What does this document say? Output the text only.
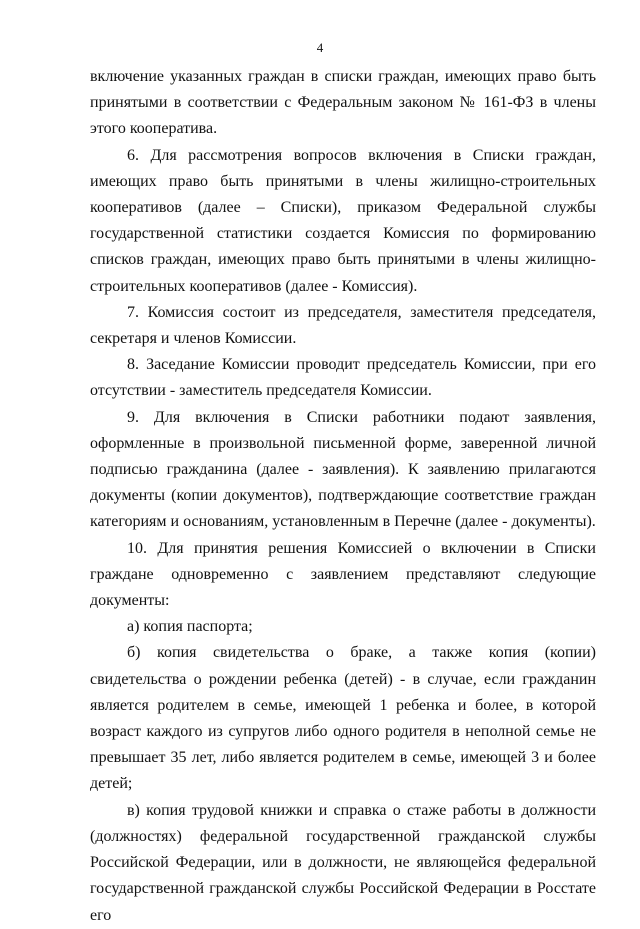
4

включение указанных граждан в списки граждан, имеющих право быть принятыми в соответствии с Федеральным законом № 161-ФЗ в члены этого кооператива.

6. Для рассмотрения вопросов включения в Списки граждан, имеющих право быть принятыми в члены жилищно-строительных кооперативов (далее – Списки), приказом Федеральной службы государственной статистики создается Комиссия по формированию списков граждан, имеющих право быть принятыми в члены жилищно-строительных кооперативов (далее - Комиссия).

7. Комиссия состоит из председателя, заместителя председателя, секретаря и членов Комиссии.

8. Заседание Комиссии проводит председатель Комиссии, при его отсутствии - заместитель председателя Комиссии.

9. Для включения в Списки работники подают заявления, оформленные в произвольной письменной форме, заверенной личной подписью гражданина (далее - заявления). К заявлению прилагаются документы (копии документов), подтверждающие соответствие граждан категориям и основаниям, установленным в Перечне (далее - документы).

10. Для принятия решения Комиссией о включении в Списки граждане одновременно с заявлением представляют следующие документы:

а) копия паспорта;

б) копия свидетельства о браке, а также копия (копии) свидетельства о рождении ребенка (детей) - в случае, если гражданин является родителем в семье, имеющей 1 ребенка и более, в которой возраст каждого из супругов либо одного родителя в неполной семье не превышает 35 лет, либо является родителем в семье, имеющей 3 и более детей;

в) копия трудовой книжки и справка о стаже работы в должности (должностях) федеральной государственной гражданской службы Российской Федерации, или в должности, не являющейся федеральной государственной гражданской службы Российской Федерации в Росстате его
